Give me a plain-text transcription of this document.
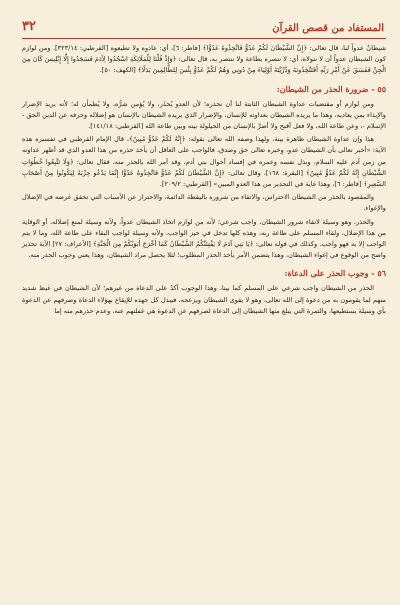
٣٢	المستفاد من قصص القرآن

شيطانٌ عدواً لنا، قال تعالى: ﴿إِنَّ الشَّيْطَانَ لَكُمْ عَدُوٌّ فَاتَّخِذُوهُ عَدُوًّا﴾ [فاطر: ٦]، أي: عادوه ولا تطيعوه [القرطبي: ٣٢٣/١٤]. ومن لوازم كون الشيطان عدواً أن لا نتولاه، أي: لا ننصره بطاعة ولا ننتصر به، قال تعالى: ﴿وَإِذْ قُلْنَا لِلْمَلَائِكَةِ اسْجُدُوا لِآدَمَ فَسَجَدُوا إِلَّا إِبْلِيسَ كَانَ مِنَ الْجِنِّ فَفَسَقَ عَنْ أَمْرِ رَبِّهِ أَفَتَتَّخِذُونَهُ وَذُرِّيَّتَهُ أَوْلِيَاءَ مِنْ دُونِي وَهُمْ لَكُمْ عَدُوٌّ بِئْسَ لِلظَّالِمِينَ بَدَلًا﴾ [الكهف: ٥٠].

٥٥ - ضرورة الحذر من الشيطان:

ومن لوازم أو مقتضيات عداوة الشيطان الثابتة لنا أن نحذره؛ لأن العدو يُحذَر، ولا يُؤمن شرُّه، ولا يُطمأن له؛ لأنه يريد الإضرار والإيذاء بمن يعاديه، وهذا ما يريده الشيطان بعداوته للإنسان، والإضرار الذي يريده الشيطان بالإنسان هو إضلاله وحرفه عن الدين الحق - الإسلام -، وعن طاعة الله، ولا فعل أقبح ولا أضرَّ بالإنسان من الحيلولة بينه وبين طاعة الله [القرطبي: ١٤١/١٨].

هذا وإن عداوة الشيطان ظاهرة بينة، ولهذا وصفه الله تعالى بقوله: ﴿إِنَّهُ لَكُمْ عَدُوٌّ مُبِينٌ﴾، قال الإمام القرطبي في تفسيره هذه الآية: «أخبر تعالى بأن الشيطان عدو، وخبره تعالى حق وصدق، فالواجب على العاقل أن يأخذ حذره من هذا العدو الذي قد أظهر عداوته من زمن آدم عليه السلام، وبذل نفسه وعمره في إفساد أحوال بني آدم، وقد أمر الله بالحذر منه، فقال تعالى: ﴿وَلَا تَتَّبِعُوا خُطُوَاتِ الشَّيْطَانِ إِنَّهُ لَكُمْ عَدُوٌّ مُبِينٌ﴾ [البقرة: ١٦٨]، وقال تعالى: ﴿إِنَّ الشَّيْطَانَ لَكُمْ عَدُوٌّ فَاتَّخِذُوهُ عَدُوًّا إِنَّمَا يَدْعُو حِزْبَهُ لِيَكُونُوا مِنْ أَصْحَابِ السَّعِيرِ﴾ [فاطر: ٦]، وهذا غاية في التحذير من هذا العدو المبين» [القرطبي: ٢٠٩/٢].

والمقصود بالحذر من الشيطان الاحتراس، والاتقاء من شروره باليقظة الدائمة، والاحتراز عن الأسباب التي تحقق غرضه في الإضلال والإغواء.

والحذر، وهو وسيلة لاتقاء شرور الشيطان، واجب شرعي؛ لأنه من لوازم اتخاذ الشيطان عدواً، ولأنه وسيلة لمنع إضلاله، أو الوقاية من هذا الإضلال، ولقاء المسلم على طاعة ربه، وهذه كلها تدخل في حيز الواجب، ولأنه وسيلة لواجب البقاء على طاعة الله، وما لا يتم الواجب إلا به فهو واجب. وكذلك في قوله تعالى: ﴿يَا بَنِي آدَمَ لَا يَفْتِنَنَّكُمُ الشَّيْطَانُ كَمَا أَخْرَجَ أَبَوَيْكُمْ مِنَ الْجَنَّةِ﴾ [الأعراف: ٢٧] الآية تحذير واضح من الوقوع في إغواء الشيطان، وهذا يتضمن الأمر بأخذ الحذر المطلوب؛ لئلا يحصل مراد الشيطان، وهذا يعني وجوب الحذر منه.

٥٦ - وجوب الحذر على الدعاة:

الحذر من الشيطان واجب شرعي على المسلم كما بينا، وهذا الوجوب آكدُ على الدعاة من غيرهم؛ لأن الشيطان في غيظ شديد منهم لما يقومون به من دعوة إلى الله تعالى، وهو لا يقوى الشيطان ويزعجه، فيبذل كل جهده للإيقاع بهؤلاء الدعاة وصرفهم عن الدعوة بأي وسيلة يستطيعها، والثمرة التي يبلغ منها الشيطان إلى الدعاة لصرفهم عن الدعوة هي غفلتهم عنه، وعدم حذرهم منه إما
